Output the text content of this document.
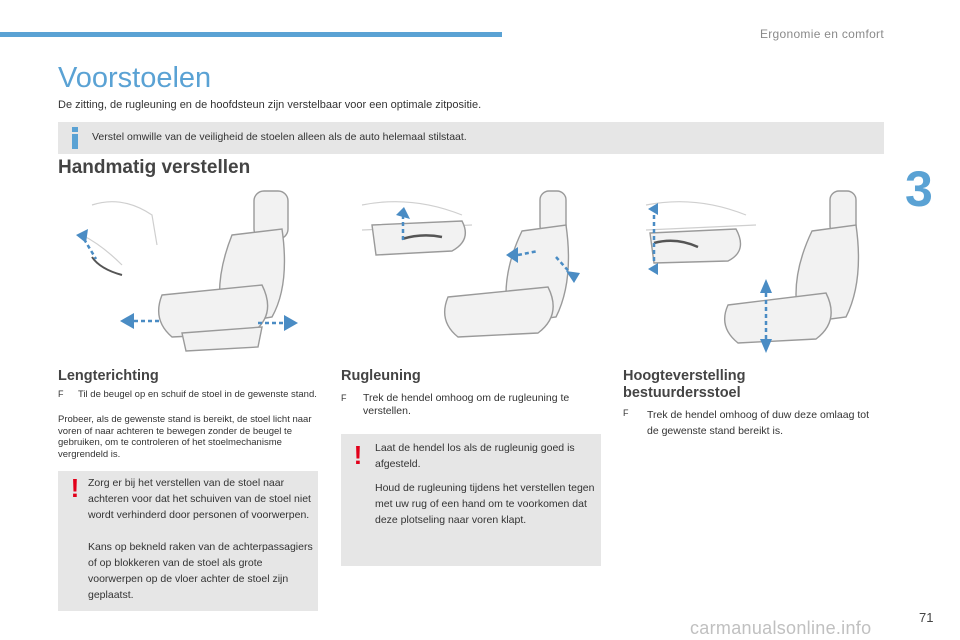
Ergonomie en comfort
3
Voorstoelen
De zitting, de rugleuning en de hoofdsteun zijn verstelbaar voor een optimale zitpositie.
Verstel omwille van de veiligheid de stoelen alleen als de auto helemaal stilstaat.
Handmatig verstellen
Lengterichting
F	Til de beugel op en schuif de stoel in de gewenste stand.
Probeer, als de gewenste stand is bereikt, de stoel licht naar voren of naar achteren te bewegen zonder de beugel te gebruiken, om te controleren of het stoelmechanisme vergrendeld is.
! Zorg er bij het verstellen van de stoel naar achteren voor dat het schuiven van de stoel niet wordt verhinderd door personen of voorwerpen.
Kans op bekneld raken van de achterpassagiers of op blokkeren van de stoel als grote voorwerpen op de vloer achter de stoel zijn geplaatst.
Rugleuning
F	Trek de hendel omhoog om de rugleuning te verstellen.
! Laat de hendel los als de rugleunig goed is afgesteld.
Houd de rugleuning tijdens het verstellen tegen met uw rug of een hand om te voorkomen dat deze plotseling naar voren klapt.
Hoogteverstelling bestuurdersstoel
F	Trek de hendel omhoog of duw deze omlaag tot de gewenste stand bereikt is.
71
carmanualsonline.info
